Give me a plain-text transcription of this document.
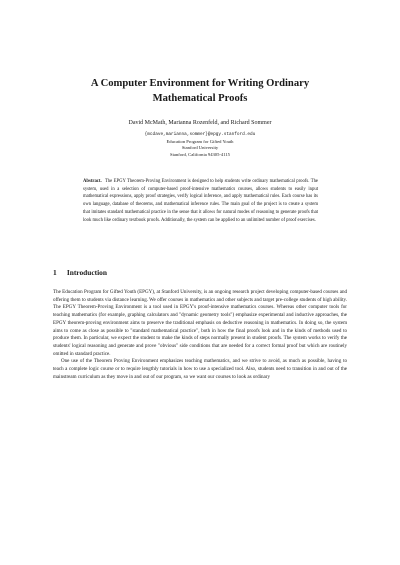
A Computer Environment for Writing Ordinary
Mathematical Proofs

David McMath, Marianna Rozenfeld, and Richard Sommer

{mcdave,marianna,sommer}@epgy.stanford.edu
Education Program for Gifted Youth
Stanford University
Stanford, California 94305-4115

Abstract. The EPGY Theorem-Proving Environment is designed to help students write ordinary mathematical proofs. The system, used in a selection of computer-based proof-intensive mathematics courses, allows students to easily input mathematical expressions, apply proof strategies, verify logical inference, and apply mathematical rules. Each course has its own language, database of theorems, and mathematical inference rules. The main goal of the project is to create a system that imitates standard mathematical practice in the sense that it allows for natural modes of reasoning to generate proofs that look much like ordinary textbook proofs. Additionally, the system can be applied to an unlimited number of proof exercises.

1 Introduction

The Education Program for Gifted Youth (EPGY), at Stanford University, is an ongoing research project developing computer-based courses and offering them to students via distance learning. We offer courses in mathematics and other subjects and target pre-college students of high ability. The EPGY Theorem-Proving Environment is a tool used in EPGY's proof-intensive mathematics courses. Whereas other computer tools for teaching mathematics (for example, graphing calculators and "dynamic geometry tools") emphasize experimental and inductive approaches, the EPGY theorem-proving environment aims to preserve the traditional emphasis on deductive reasoning in mathematics. In doing so, the system aims to come as close as possible to "standard mathematical practice", both in how the final proofs look and in the kinds of methods used to produce them. In particular, we expect the student to make the kinds of steps normally present in student proofs. The system works to verify the students' logical reasoning and generate and prove "obvious" side conditions that are needed for a correct formal proof but which are routinely omitted in standard practice.

One use of the Theorem Proving Environment emphasizes teaching mathematics, and we strive to avoid, as much as possible, having to teach a complete logic course or to require lengthly tutorials in how to use a specialized tool. Also, students need to transition in and out of the mainstream curriculum as they move in and out of our program, so we want our courses to look as ordinary
